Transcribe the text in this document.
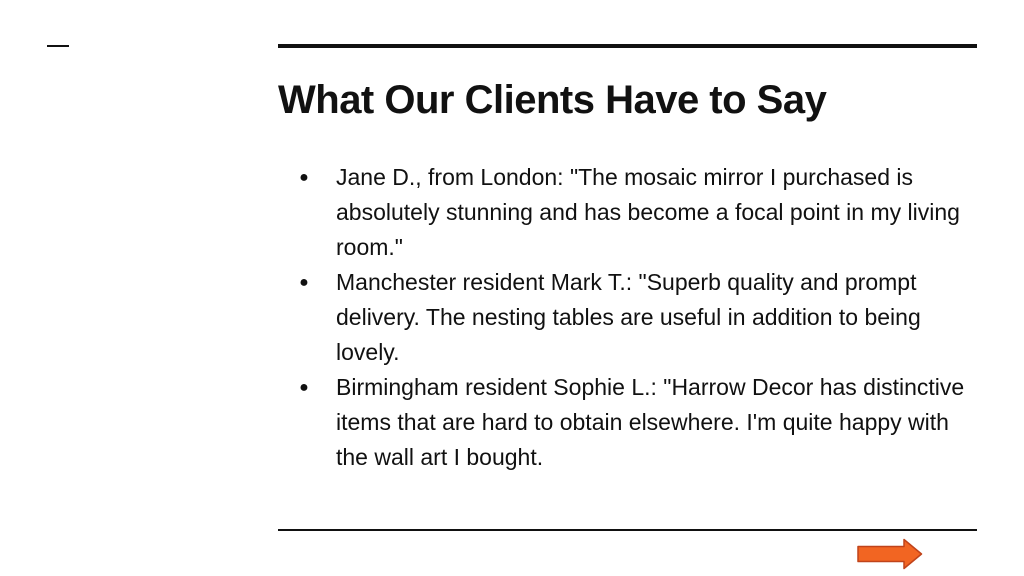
What Our Clients Have to Say
● Jane D., from London: "The mosaic mirror I purchased is absolutely stunning and has become a focal point in my living room."
● Manchester resident Mark T.: "Superb quality and prompt delivery. The nesting tables are useful in addition to being lovely.
● Birmingham resident Sophie L.: "Harrow Decor has distinctive items that are hard to obtain elsewhere. I'm quite happy with the wall art I bought.
